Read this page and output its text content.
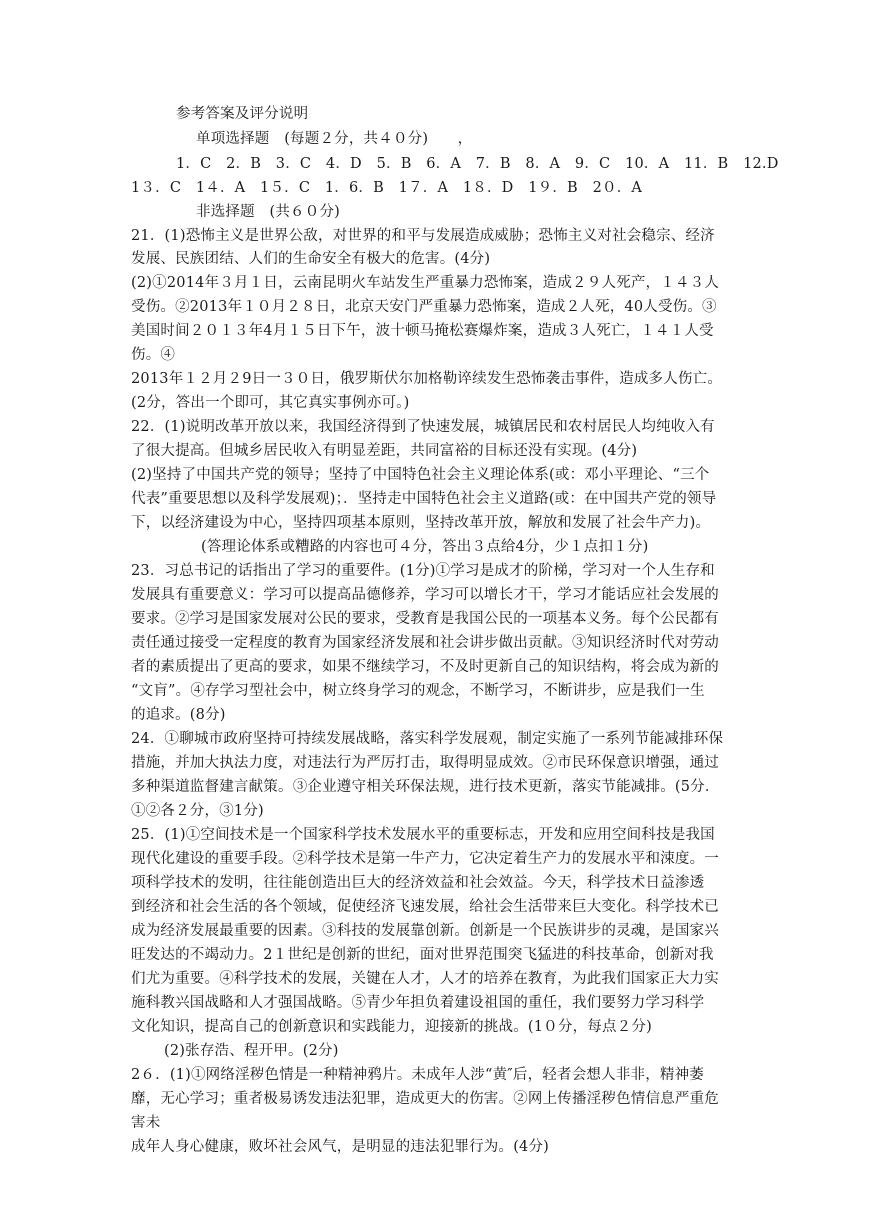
参考答案及评分说明
单项选择题　(每题２分，共４０分)　　，
1．C　2．B　3．C　4．D　5．B　6．A　7．B　8．A　9．C　10．A　11．B　12.D
1３．C　1４．A　1５．C　1．6．B　1７．A　1８．D　1９．B　2０．A
非选择题　(共６０分)
21．(1)恐怖主义是世界公敌，对世界的和平与发展造成威胁；恐怖主义对社会稳宗、经济
发展、民族团结、人们的生命安全有极大的危害。(4分)
(2)①2014年３月１日，云南昆明火车站发生严重暴力恐怖案，造成２９人死产，１４３人
受伤。②2013年１０月２８日，北京天安门严重暴力恐怖案，造成２人死，40人受伤。③
美国时间２０１３年4月１５日下午，波十顿马掩松赛爆炸案，造成３人死亡，１４１人受
伤。④
2013年１２月２9日一３０日，俄罗斯伏尔加格勒谇续发生恐怖袭击事件，造成多人伤亡。
(2分，答出一个即可，其它真实事例亦可。)
22．(1)说明改革开放以来，我国经济得到了快速发展，城镇居民和农村居民人均纯收入有
了很大提高。但城乡居民收入有明显差距，共同富裕的目标还没有实现。(4分)
(2)坚持了中国共产党的领导；坚持了中国特色社会主义理论体系(或：邓小平理论、“三个
代表”重要思想以及科学发展观)；．坚持走中国特色社会主义道路(或：在中国共产党的领导
下，以经济建设为中心，坚持四项基本原则，坚持改革开放，解放和发展了社会牛产力)。
(答理论体系或糟路的内容也可４分，答出３点给4分，少１点扣１分)
23．习总书记的话指出了学习的重要件。(1分)①学习是成才的阶梯，学习对一个人生存和
发展具有重要意义：学习可以提高品德修养，学习可以增长才干，学习才能话应社会发展的
要求。②学习是国家发展对公民的要求，受教育是我国公民的一项基本义务。每个公民都有
责任通过接受一定程度的教育为国家经济发展和社会讲步做出贡献。③知识经济时代对劳动
者的素质提出了更高的要求，如果不继续学习，不及时更新自己的知识结构，将会成为新的
“文肓”。④存学习型社会中，树立终身学习的观念，不断学习，不断讲步，应是我们一生
的追求。(8分)
24．①聊城市政府坚持可持续发展战略，落实科学发展观，制定实施了一系列节能减排环保
措施，并加大执法力度，对违法行为严厉打击，取得明显成效。②市民环保意识增强，通过
多种渠道监督建言献策。③企业遵守相关环保法规，进行技术更新，落实节能减排。(5分．
①②各２分，③1分)
25．(1)①空间技术是一个国家科学技术发展水平的重要标志，开发和应用空间科技是我国
现代化建设的重要手段。②科学技术是第一牛产力，它决定着生产力的发展水平和涑度。一
项科学技术的发明，往往能创造出巨大的经济效益和社会效益。今天，科学技术日益渗透
到经济和社会生活的各个领域，促使经济飞速发展，给社会生活带来巨大变化。科学技术已
成为经济发展最重要的因素。③科技的发展靠创新。创新是一个民族讲步的灵魂，是国家兴
旺发达的不竭动力。2１世纪是创新的世纪，面对世界范围突飞猛进的科技革命，创新对我
们尤为重要。④科学技术的发展，关键在人才，人才的培养在教育，为此我们国家正大力实
施科教兴国战略和人才强国战略。⑤青少年担负着建设祖国的重任，我们要努力学习科学
文化知识，提高自己的创新意识和实践能力，迎接新的挑战。(1０分，每点２分)
(2)张存浩、程开甲。(2分)
2６．(1)①网络淫秽色情是一种精神鸦片。未成年人涉“黄″后，轻者会想人非非，精神萎
靡，无心学习；重者极易诱发违法犯罪，造成更大的伤害。②网上传播淫秽色情信息严重危
害未
成年人身心健康，败坏社会风气，是明显的违法犯罪行为。(4分)
